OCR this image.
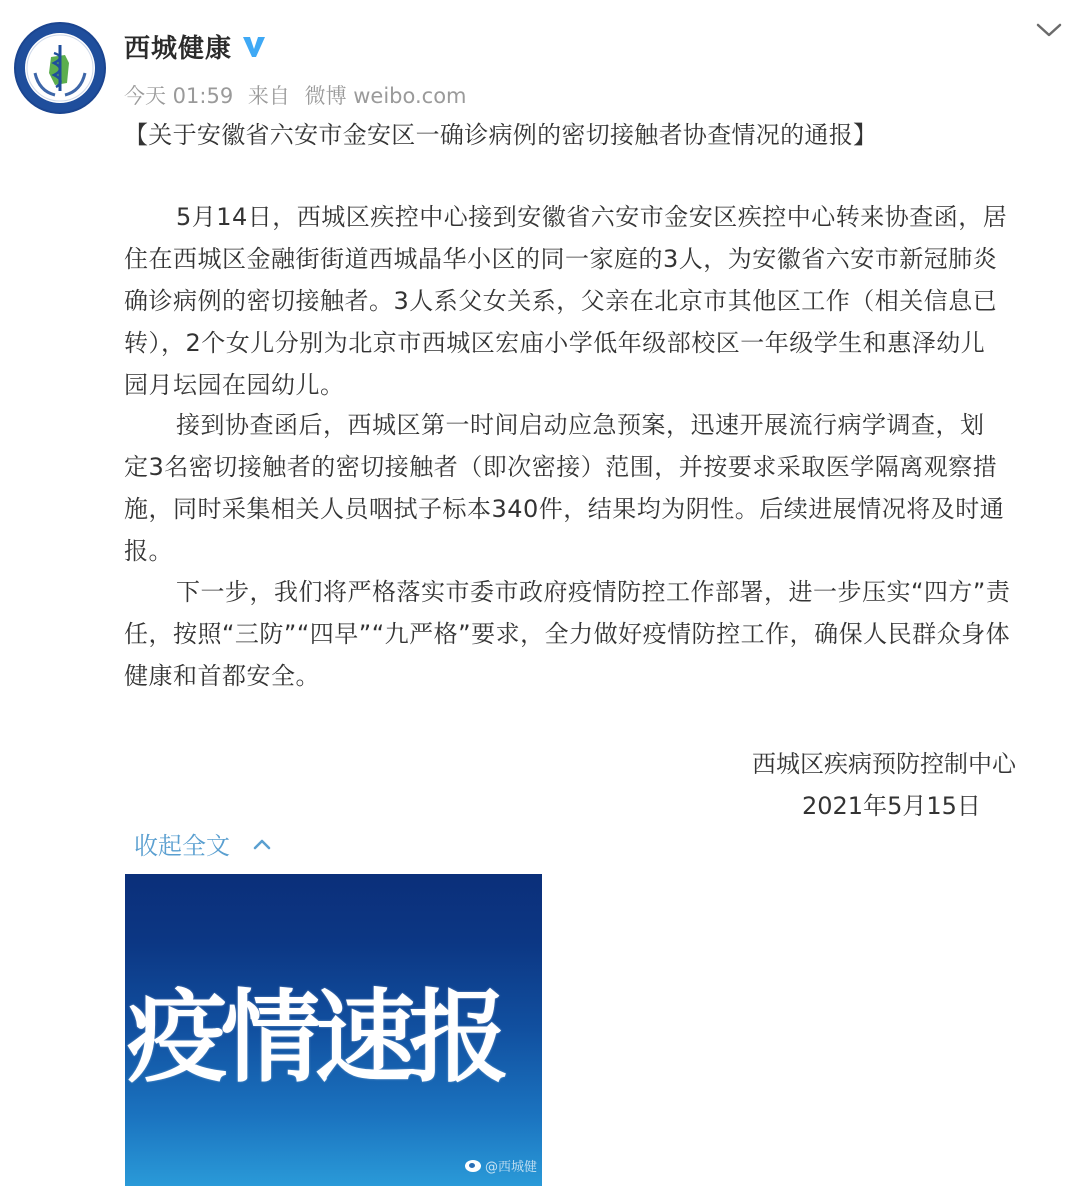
西城健康
今天 01:59 来自 微博 weibo.com
【关于安徽省六安市金安区一确诊病例的密切接触者协查情况的通报】
5月14日，西城区疾控中心接到安徽省六安市金安区疾控中心转来协查函，居
住在西城区金融街街道西城晶华小区的同一家庭的3人，为安徽省六安市新冠肺炎
确诊病例的密切接触者。3人系父女关系，父亲在北京市其他区工作（相关信息已
转），2个女儿分别为北京市西城区宏庙小学低年级部校区一年级学生和惠泽幼儿
园月坛园在园幼儿。
接到协查函后，西城区第一时间启动应急预案，迅速开展流行病学调查，划
定3名密切接触者的密切接触者（即次密接）范围，并按要求采取医学隔离观察措
施，同时采集相关人员咽拭子标本340件，结果均为阴性。后续进展情况将及时通
报。
下一步，我们将严格落实市委市政府疫情防控工作部署，进一步压实“四方”责
任，按照“三防”“四早”“九严格”要求，全力做好疫情防控工作，确保人民群众身体
健康和首都安全。
西城区疾病预防控制中心
2021年5月15日
收起全文
疫情速报
@西城健
